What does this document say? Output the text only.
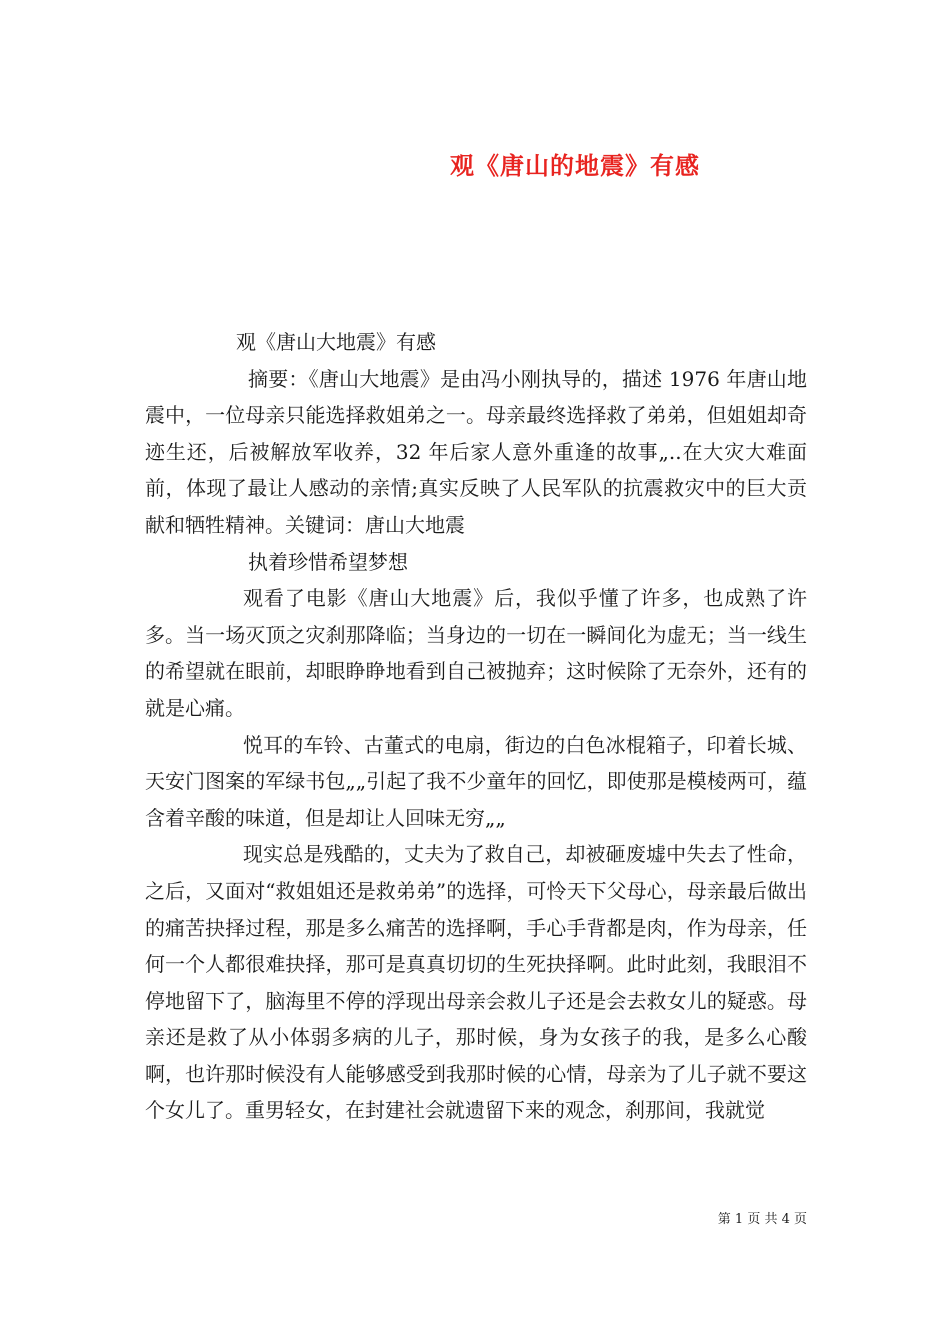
观《唐山的地震》有感

观《唐山大地震》有感

摘要：《唐山大地震》是由冯小刚执导的，描述 1976 年唐山地震中，一位母亲只能选择救姐弟之一。母亲最终选择救了弟弟，但姐姐却奇迹生还，后被解放军收养，32 年后家人意外重逢的故事„..在大灾大难面前，体现了最让人感动的亲情;真实反映了人民军队的抗震救灾中的巨大贡献和牺牲精神。关键词：唐山大地震

执着珍惜希望梦想

观看了电影《唐山大地震》后，我似乎懂了许多，也成熟了许多。当一场灭顶之灾刹那降临；当身边的一切在一瞬间化为虚无；当一线生的希望就在眼前，却眼睁睁地看到自己被抛弃；这时候除了无奈外，还有的就是心痛。

悦耳的车铃、古董式的电扇，街边的白色冰棍箱子，印着长城、天安门图案的军绿书包„„引起了我不少童年的回忆，即使那是模棱两可，蕴含着辛酸的味道，但是却让人回味无穷„„

现实总是残酷的，丈夫为了救自己，却被砸废墟中失去了性命，之后，又面对“救姐姐还是救弟弟”的选择，可怜天下父母心，母亲最后做出的痛苦抉择过程，那是多么痛苦的选择啊，手心手背都是肉，作为母亲，任何一个人都很难抉择，那可是真真切切的生死抉择啊。此时此刻，我眼泪不停地留下了，脑海里不停的浮现出母亲会救儿子还是会去救女儿的疑惑。母亲还是救了从小体弱多病的儿子，那时候，身为女孩子的我，是多么心酸啊，也许那时候没有人能够感受到我那时候的心情，母亲为了儿子就不要这个女儿了。重男轻女，在封建社会就遗留下来的观念，刹那间，我就觉

第 1 页 共 4 页
